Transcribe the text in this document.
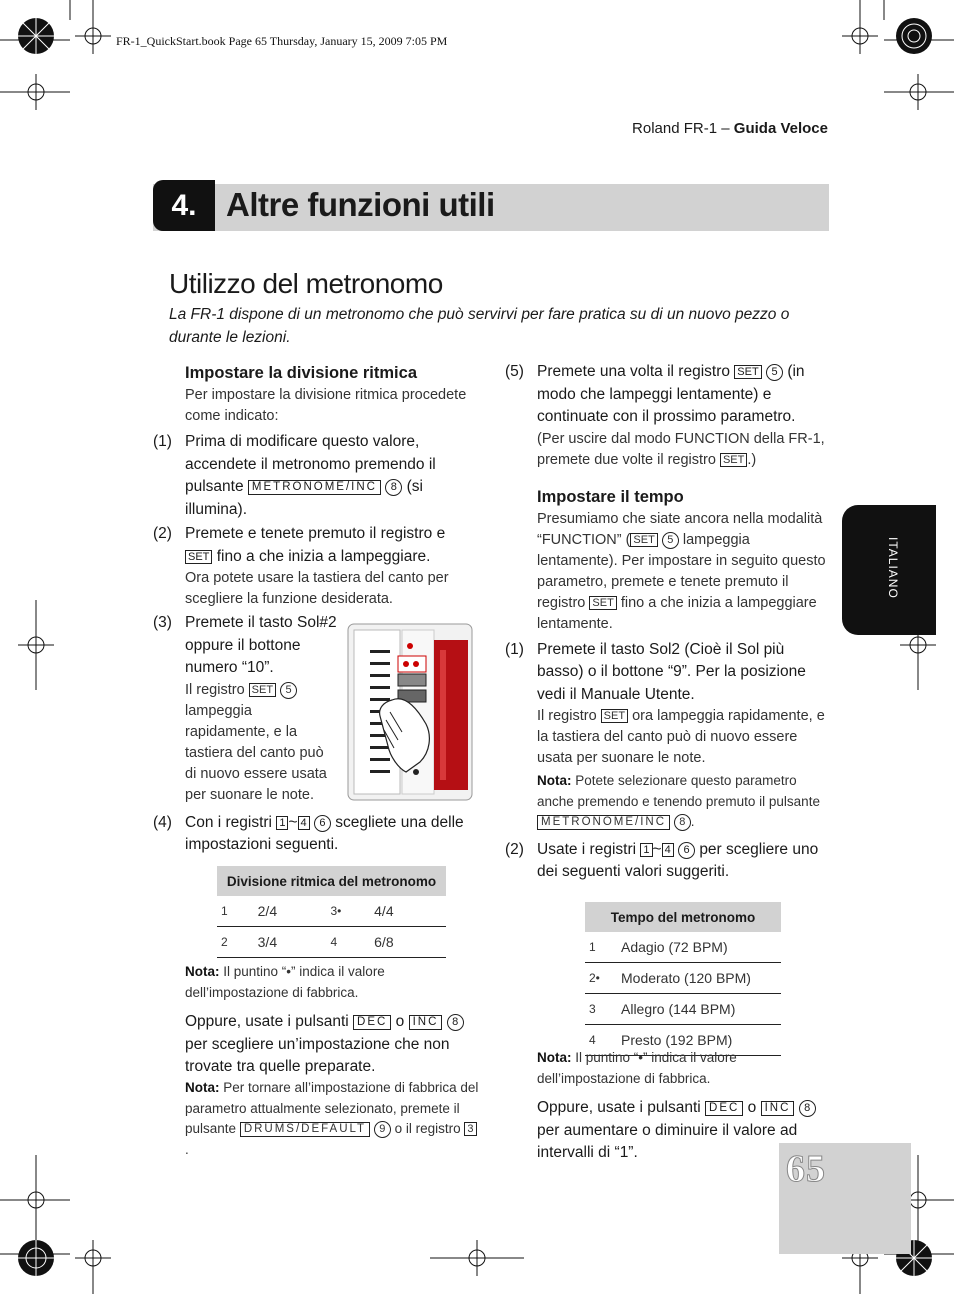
FR-1_QuickStart.book Page 65 Thursday, January 15, 2009 7:05 PM
Roland FR-1 – Guida Veloce
4. Altre funzioni utili
Utilizzo del metronomo
La FR-1 dispone di un metronomo che può servirvi per fare pratica su di un nuovo pezzo o durante le lezioni.
Impostare la divisione ritmica
Per impostare la divisione ritmica procedete come indicato:
(1) Prima di modificare questo valore, accendete il metronomo premendo il pulsante METRONOME/INC 8 (si illumina).
(2) Premete e tenete premuto il registro e SET fino a che inizia a lampeggiare.
Ora potete usare la tastiera del canto per scegliere la funzione desiderata.
(3) Premete il tasto Sol#2 oppure il bottone numero “10”.
Il registro SET 5 lampeggia rapidamente, e la tastiera del canto può di nuovo essere usata per suonare le note.
(4) Con i registri 1 ~ 4 6 scegliete una delle impostazioni seguenti.
Divisione ritmica del metronomo			
1	2/4	3•	4/4
2	3/4	4	6/8
Nota: Il puntino “•” indica il valore dell’impostazione di fabbrica.
Oppure, usate i pulsanti DEC o INC 8 per scegliere un’impostazione che non trovate tra quelle preparate.
Nota: Per tornare all’impostazione di fabbrica del parametro attualmente selezionato, premete il pulsante DRUMS/DEFAULT 9 o il registro 3.
(5) Premete una volta il registro SET 5 (in modo che lampeggi lentamente) e continuate con il prossimo parametro.
(Per uscire dal modo FUNCTION della FR-1, premete due volte il registro SET .)
Impostare il tempo
Presumiamo che siate ancora nella modalità “FUNCTION” ( SET 5 lampeggia lentamente). Per impostare in seguito questo parametro, premete e tenete premuto il registro SET fino a che inizia a lampeggiare lentamente.
(1) Premete il tasto Sol2 (Cioè il Sol più basso) o il bottone “9”. Per la posizione vedi il Manuale Utente.
Il registro SET ora lampeggia rapidamente, e la tastiera del canto può di nuovo essere usata per suonare le note.
Nota: Potete selezionare questo parametro anche premendo e tenendo premuto il pulsante METRONOME/INC 8 .
(2) Usate i registri 1 ~ 4 6 per scegliere uno dei seguenti valori suggeriti.
Tempo del metronomo	
1	Adagio (72 BPM)
2•	Moderato (120 BPM)
3	Allegro (144 BPM)
4	Presto (192 BPM)
Nota: Il puntino “•” indica il valore dell’impostazione di fabbrica.
Oppure, usate i pulsanti DEC o INC 8 per aumentare o diminuire il valore ad intervalli di “1”.
ITALIANO
65
